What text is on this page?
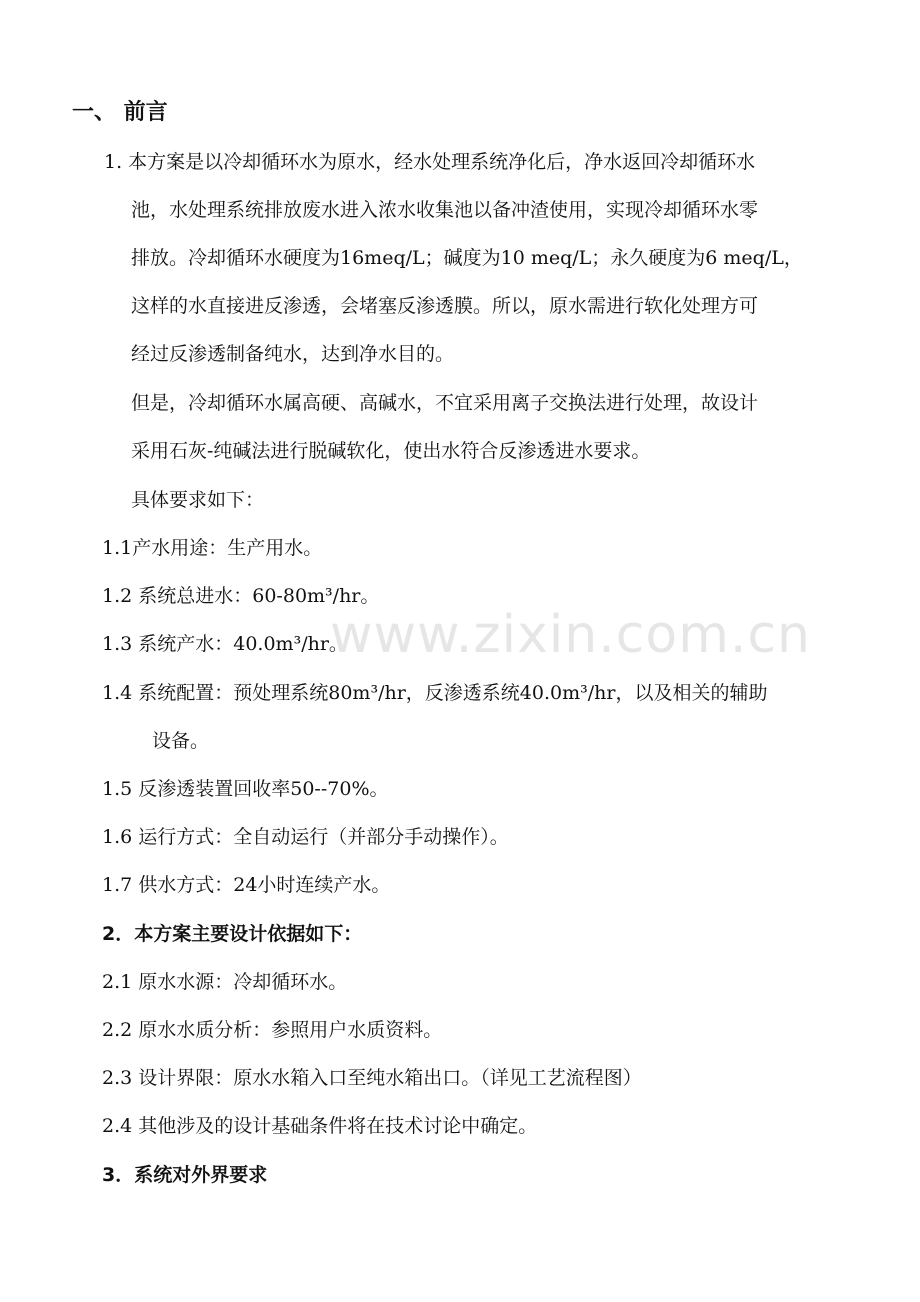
一、 前言
1. 本方案是以冷却循环水为原水，经水处理系统净化后，净水返回冷却循环水
池，水处理系统排放废水进入浓水收集池以备冲渣使用，实现冷却循环水零
排放。冷却循环水硬度为16meq/L；碱度为10 meq/L；永久硬度为6 meq/L，
这样的水直接进反渗透，会堵塞反渗透膜。所以，原水需进行软化处理方可
经过反渗透制备纯水，达到净水目的。
但是，冷却循环水属高硬、高碱水，不宜采用离子交换法进行处理，故设计
采用石灰-纯碱法进行脱碱软化，使出水符合反渗透进水要求。
具体要求如下：
1.1产水用途：生产用水。
1.2 系统总进水：60-80m³/hr。
1.3 系统产水：40.0m³/hr。
1.4 系统配置：预处理系统80m³/hr，反渗透系统40.0m³/hr，以及相关的辅助
设备。
1.5 反渗透装置回收率50--70%。
1.6 运行方式：全自动运行（并部分手动操作）。
1.7 供水方式：24小时连续产水。
2．本方案主要设计依据如下：
2.1 原水水源：冷却循环水。
2.2 原水水质分析：参照用户水质资料。
2.3 设计界限：原水水箱入口至纯水箱出口。（详见工艺流程图）
2.4 其他涉及的设计基础条件将在技术讨论中确定。
3．系统对外界要求
www.zixin.com.cn
